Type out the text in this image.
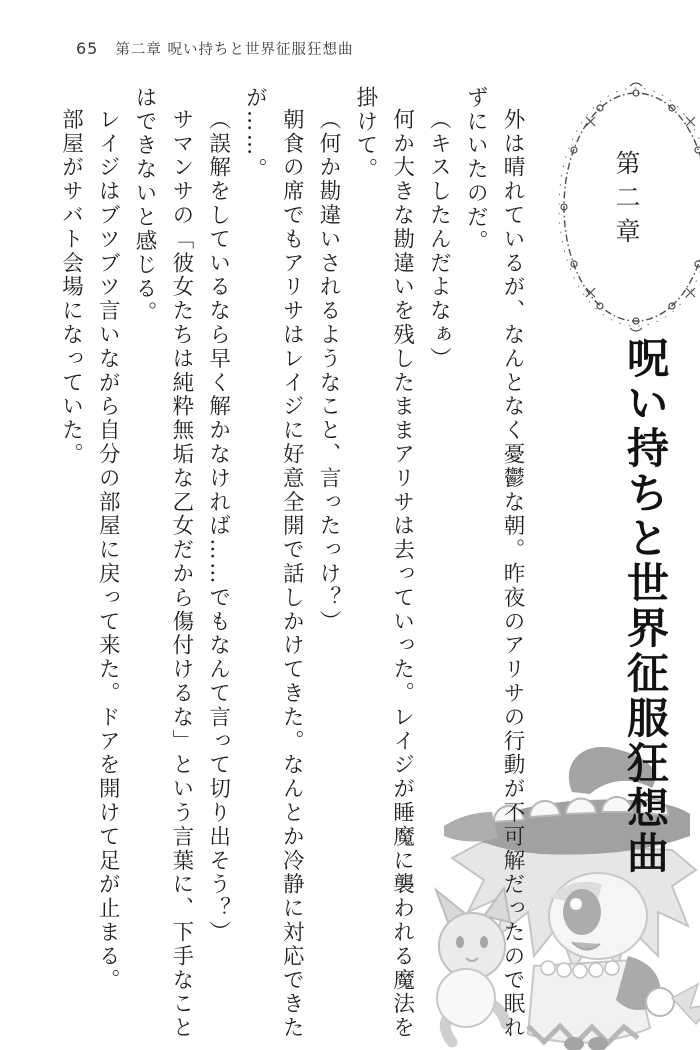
65 第二章 呪い持ちと世界征服狂想曲
第二章
呪い持ちと世界征服狂想曲

外は晴れているが、なんとなく憂鬱な朝。昨夜のアリサの行動が不可解だったので眠れずにいたのだ。

（キスしたんだよなぁ）

何か大きな勘違いを残したままアリサは去っていった。レイジが睡魔に襲われる魔法を掛けて。

（何か勘違いされるようなこと、言ったっけ？）

朝食の席でもアリサはレイジに好意全開で話しかけてきた。なんとか冷静に対応できたが……。

（誤解をしているなら早く解かなければ……でもなんて言って切り出そう？）

サマンサの「彼女たちは純粋無垢な乙女だから傷付けるな」という言葉に、下手なことはできないと感じる。

レイジはブツブツ言いながら自分の部屋に戻って来た。ドアを開けて足が止まる。

部屋がサバト会場になっていた。
